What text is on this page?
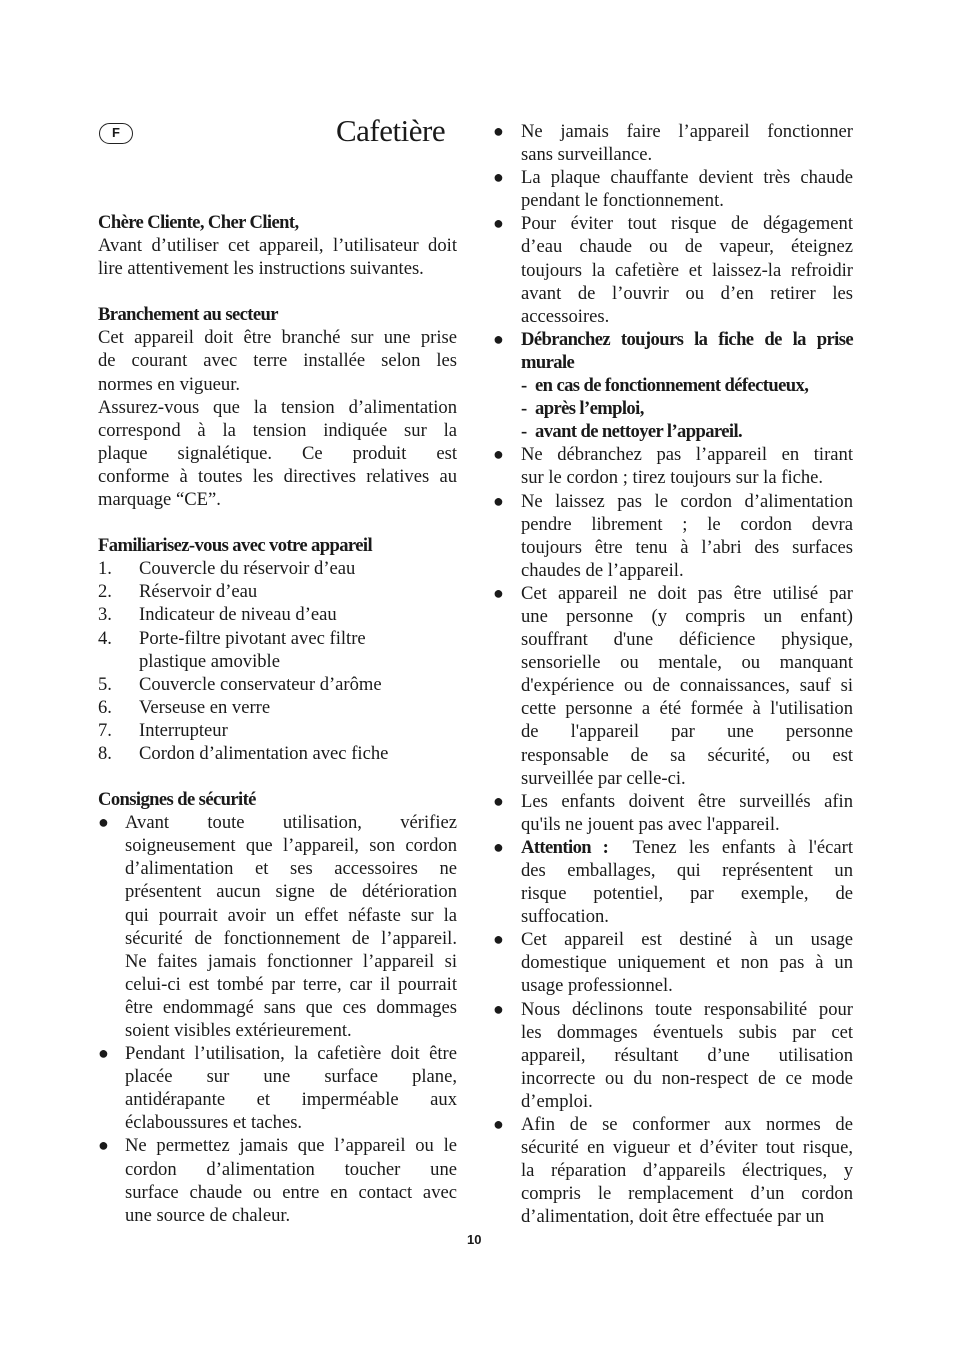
F	Cafetière

Chère Cliente, Cher Client,

Avant d’utiliser cet appareil, l’utilisateur doit

lire attentivement les instructions suivantes.

Branchement au secteur

Cet appareil doit être branché sur une prise

de courant avec terre installée selon les

normes en vigueur.

Assurez-vous que la tension d’alimentation

correspond à la tension indiquée sur la

plaque signalétique. Ce produit est

conforme à toutes les directives relatives au

marquage “CE”.

Familiarisez-vous avec votre appareil

1.	Couvercle du réservoir d’eau

2.	Réservoir d’eau

3.	Indicateur de niveau d’eau

4.	Porte-filtre pivotant avec filtre

plastique amovible

5.	Couvercle conservateur d’arôme

6.	Verseuse en verre

7.	Interrupteur

8.	Cordon d’alimentation avec fiche

Consignes de sécurité

● Avant toute utilisation, vérifiez

soigneusement que l’appareil, son cordon

d’alimentation et ses accessoires ne

présentent aucun signe de détérioration

qui pourrait avoir un effet néfaste sur la

sécurité de fonctionnement de l’appareil.

Ne faites jamais fonctionner l’appareil si

celui-ci est tombé par terre, car il pourrait

être endommagé sans que ces dommages

soient visibles extérieurement.

● Pendant l’utilisation, la cafetière doit être

placée sur une surface plane,

antidérapante et imperméable aux

éclaboussures et taches.

● Ne permettez jamais que l’appareil ou le

cordon d’alimentation toucher une

surface chaude ou entre en contact avec

une source de chaleur.

● Ne jamais faire l’appareil fonctionner

sans surveillance.

● La plaque chauffante devient très chaude

pendant le fonctionnement.

● Pour éviter tout risque de dégagement

d’eau chaude ou de vapeur, éteignez

toujours la cafetière et laissez-la refroidir

avant de l’ouvrir ou d’en retirer les

accessoires.

● Débranchez toujours la fiche de la prise

murale

- en cas de fonctionnement défectueux,
- après l’emploi,
- avant de nettoyer l’appareil.
● Ne débranchez pas l’appareil en tirant

sur le cordon ; tirez toujours sur la fiche.

● Ne laissez pas le cordon d’alimentation

pendre librement ; le cordon devra

toujours être tenu à l’abri des surfaces

chaudes de l’appareil.

● Cet appareil ne doit pas être utilisé par

une personne (y compris un enfant)

souffrant d'une déficience physique,

sensorielle ou mentale, ou manquant

d'expérience ou de connaissances, sauf si

cette personne a été formée à l'utilisation

de l'appareil par une personne

responsable de sa sécurité, ou est

surveillée par celle-ci.

● Les enfants doivent être surveillés afin

qu'ils ne jouent pas avec l'appareil.

● Attention :  Tenez les enfants à l'écart

des emballages, qui représentent un

risque potentiel, par exemple, de

suffocation.

● Cet appareil est destiné à un usage

domestique uniquement et non pas à un

usage professionnel.

● Nous déclinons toute responsabilité pour

les dommages éventuels subis par cet

appareil, résultant d’une utilisation

incorrecte ou du non-respect de ce mode

d’emploi.

● Afin de se conformer aux normes de

sécurité en vigueur et d’éviter tout risque,

la réparation d’appareils électriques, y

compris le remplacement d’un cordon

d’alimentation, doit être effectuée par un

10
